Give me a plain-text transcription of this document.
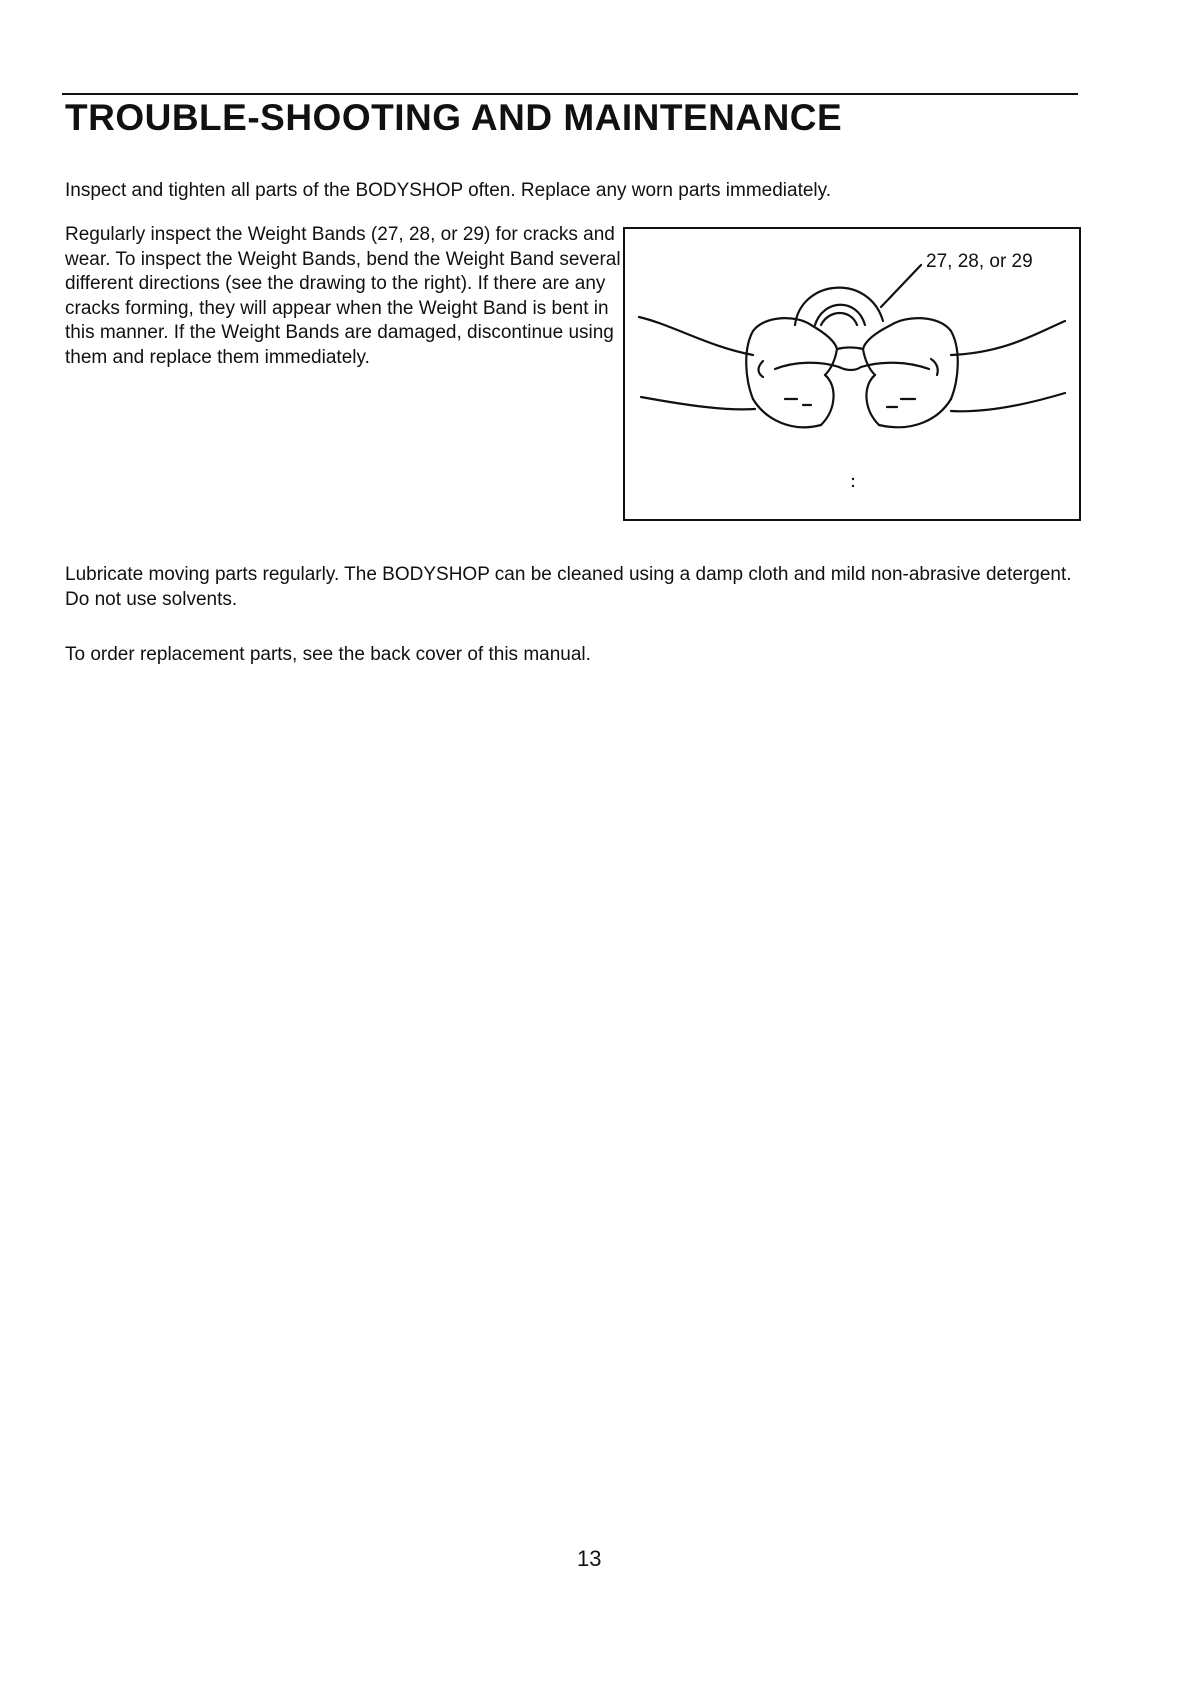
TROUBLE-SHOOTING AND MAINTENANCE

Inspect and tighten all parts of the BODYSHOP often. Replace any worn parts immediately.

Regularly inspect the Weight Bands (27, 28, or 29) for cracks and wear. To inspect the Weight Bands, bend the Weight Band several different directions (see the drawing to the right). If there are any cracks forming, they will appear when the Weight Band is bent in this manner. If the Weight Bands are damaged, discontinue using them and replace them immediately.

27, 28, or 29

Lubricate moving parts regularly. The BODYSHOP can be cleaned using a damp cloth and mild non-abrasive detergent. Do not use solvents.

To order replacement parts, see the back cover of this manual.

13
